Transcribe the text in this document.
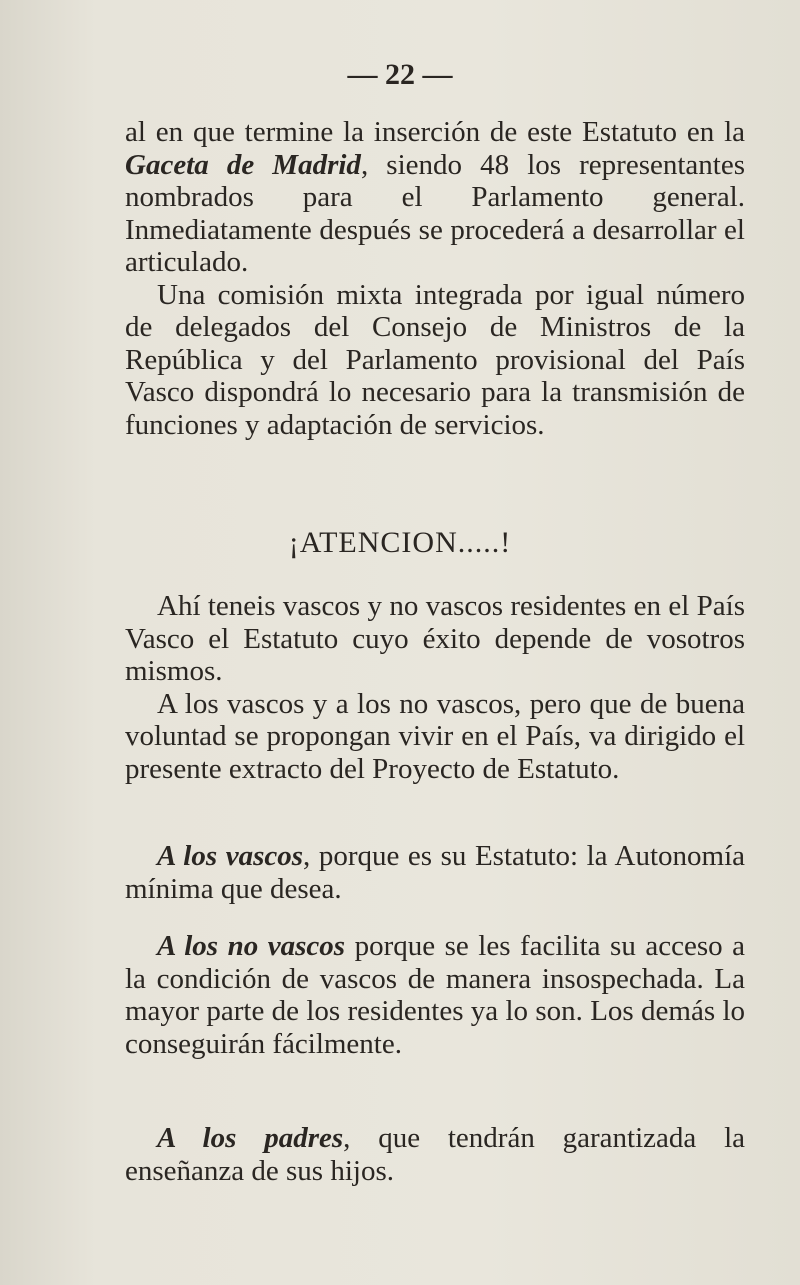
— 22 —

al en que termine la inserción de este Estatuto en la Gaceta de Madrid, siendo 48 los representantes nombrados para el Parlamento general. Inmediatamente después se procederá a desarrollar el articulado.

Una comisión mixta integrada por igual número de delegados del Consejo de Ministros de la República y del Parlamento provisional del País Vasco dispondrá lo necesario para la transmisión de funciones y adaptación de servicios.

¡ATENCION.....!

Ahí teneis vascos y no vascos residentes en el País Vasco el Estatuto cuyo éxito depende de vosotros mismos.

A los vascos y a los no vascos, pero que de buena voluntad se propongan vivir en el País, va dirigido el presente extracto del Proyecto de Estatuto.

A los vascos, porque es su Estatuto: la Autonomía mínima que desea.

A los no vascos porque se les facilita su acceso a la condición de vascos de manera insospechada. La mayor parte de los residentes ya lo son. Los demás lo conseguirán fácilmente.

A los padres, que tendrán garantizada la enseñanza de sus hijos.
